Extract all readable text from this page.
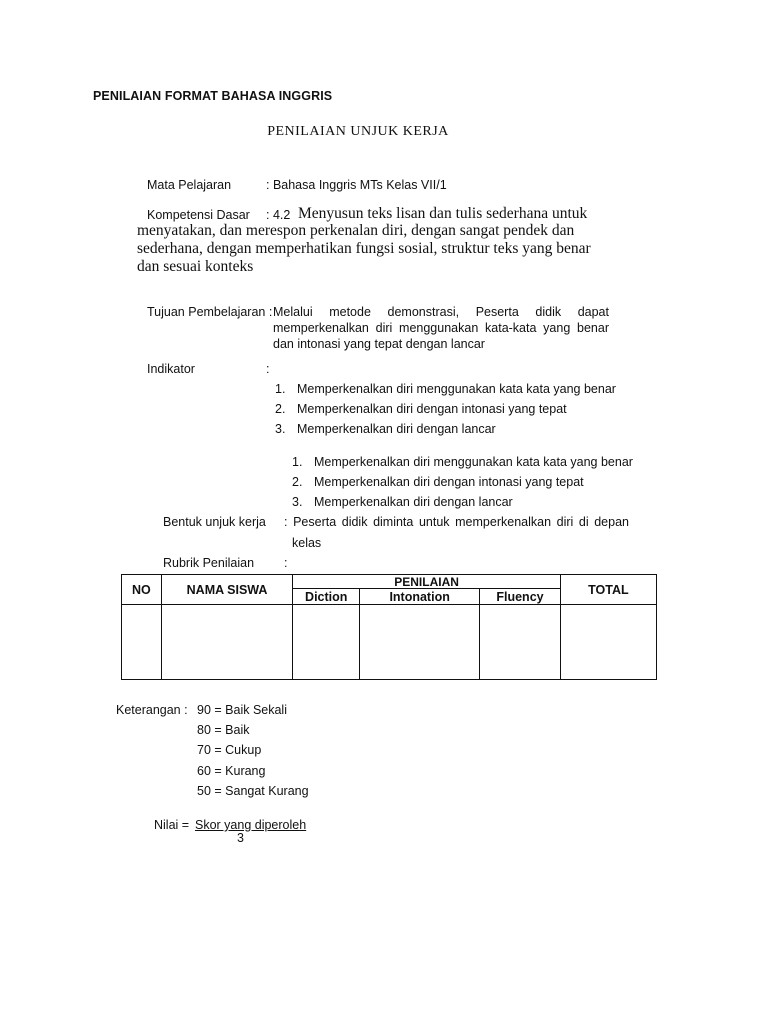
PENILAIAN FORMAT BAHASA INGGRIS
PENILAIAN UNJUK KERJA
Mata Pelajaran	: Bahasa Inggris MTs Kelas VII/1
Kompetensi Dasar : 4.2 Menyusun teks lisan dan tulis sederhana untuk
menyatakan, dan merespon perkenalan diri, dengan sangat pendek dan
sederhana, dengan memperhatikan fungsi sosial, struktur teks yang benar
dan sesuai konteks
Tujuan Pembelajaran : Melalui metode demonstrasi, Peserta didik dapat
memperkenalkan diri menggunakan kata-kata yang benar
dan intonasi yang tepat dengan lancar
Indikator	:
1. Memperkenalkan diri menggunakan kata kata yang benar
2. Memperkenalkan diri dengan intonasi yang tepat
3. Memperkenalkan diri dengan lancar
1. Memperkenalkan diri menggunakan kata kata yang benar
2. Memperkenalkan diri dengan intonasi yang tepat
3. Memperkenalkan diri dengan lancar
Bentuk unjuk kerja : Peserta didik diminta untuk memperkenalkan diri di depan
kelas
Rubrik Penilaian :
NO	NAMA SISWA	PENILAIAN			TOTAL
		Diction	Intonation	Fluency	

Keterangan : 90 = Baik Sekali
80 = Baik
70 = Cukup
60 = Kurang
50 = Sangat Kurang
Nilai = Skor yang diperoleh
3
